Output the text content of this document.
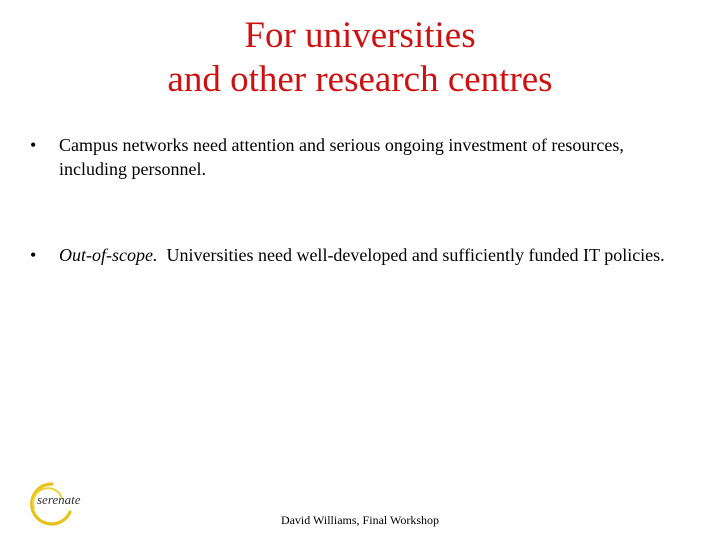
For universities
and other research centres
•	Campus networks need attention and serious ongoing investment of resources, including personnel.
•	Out-of-scope.  Universities need well-developed and sufficiently funded IT policies.
serenate
David Williams, Final Workshop
